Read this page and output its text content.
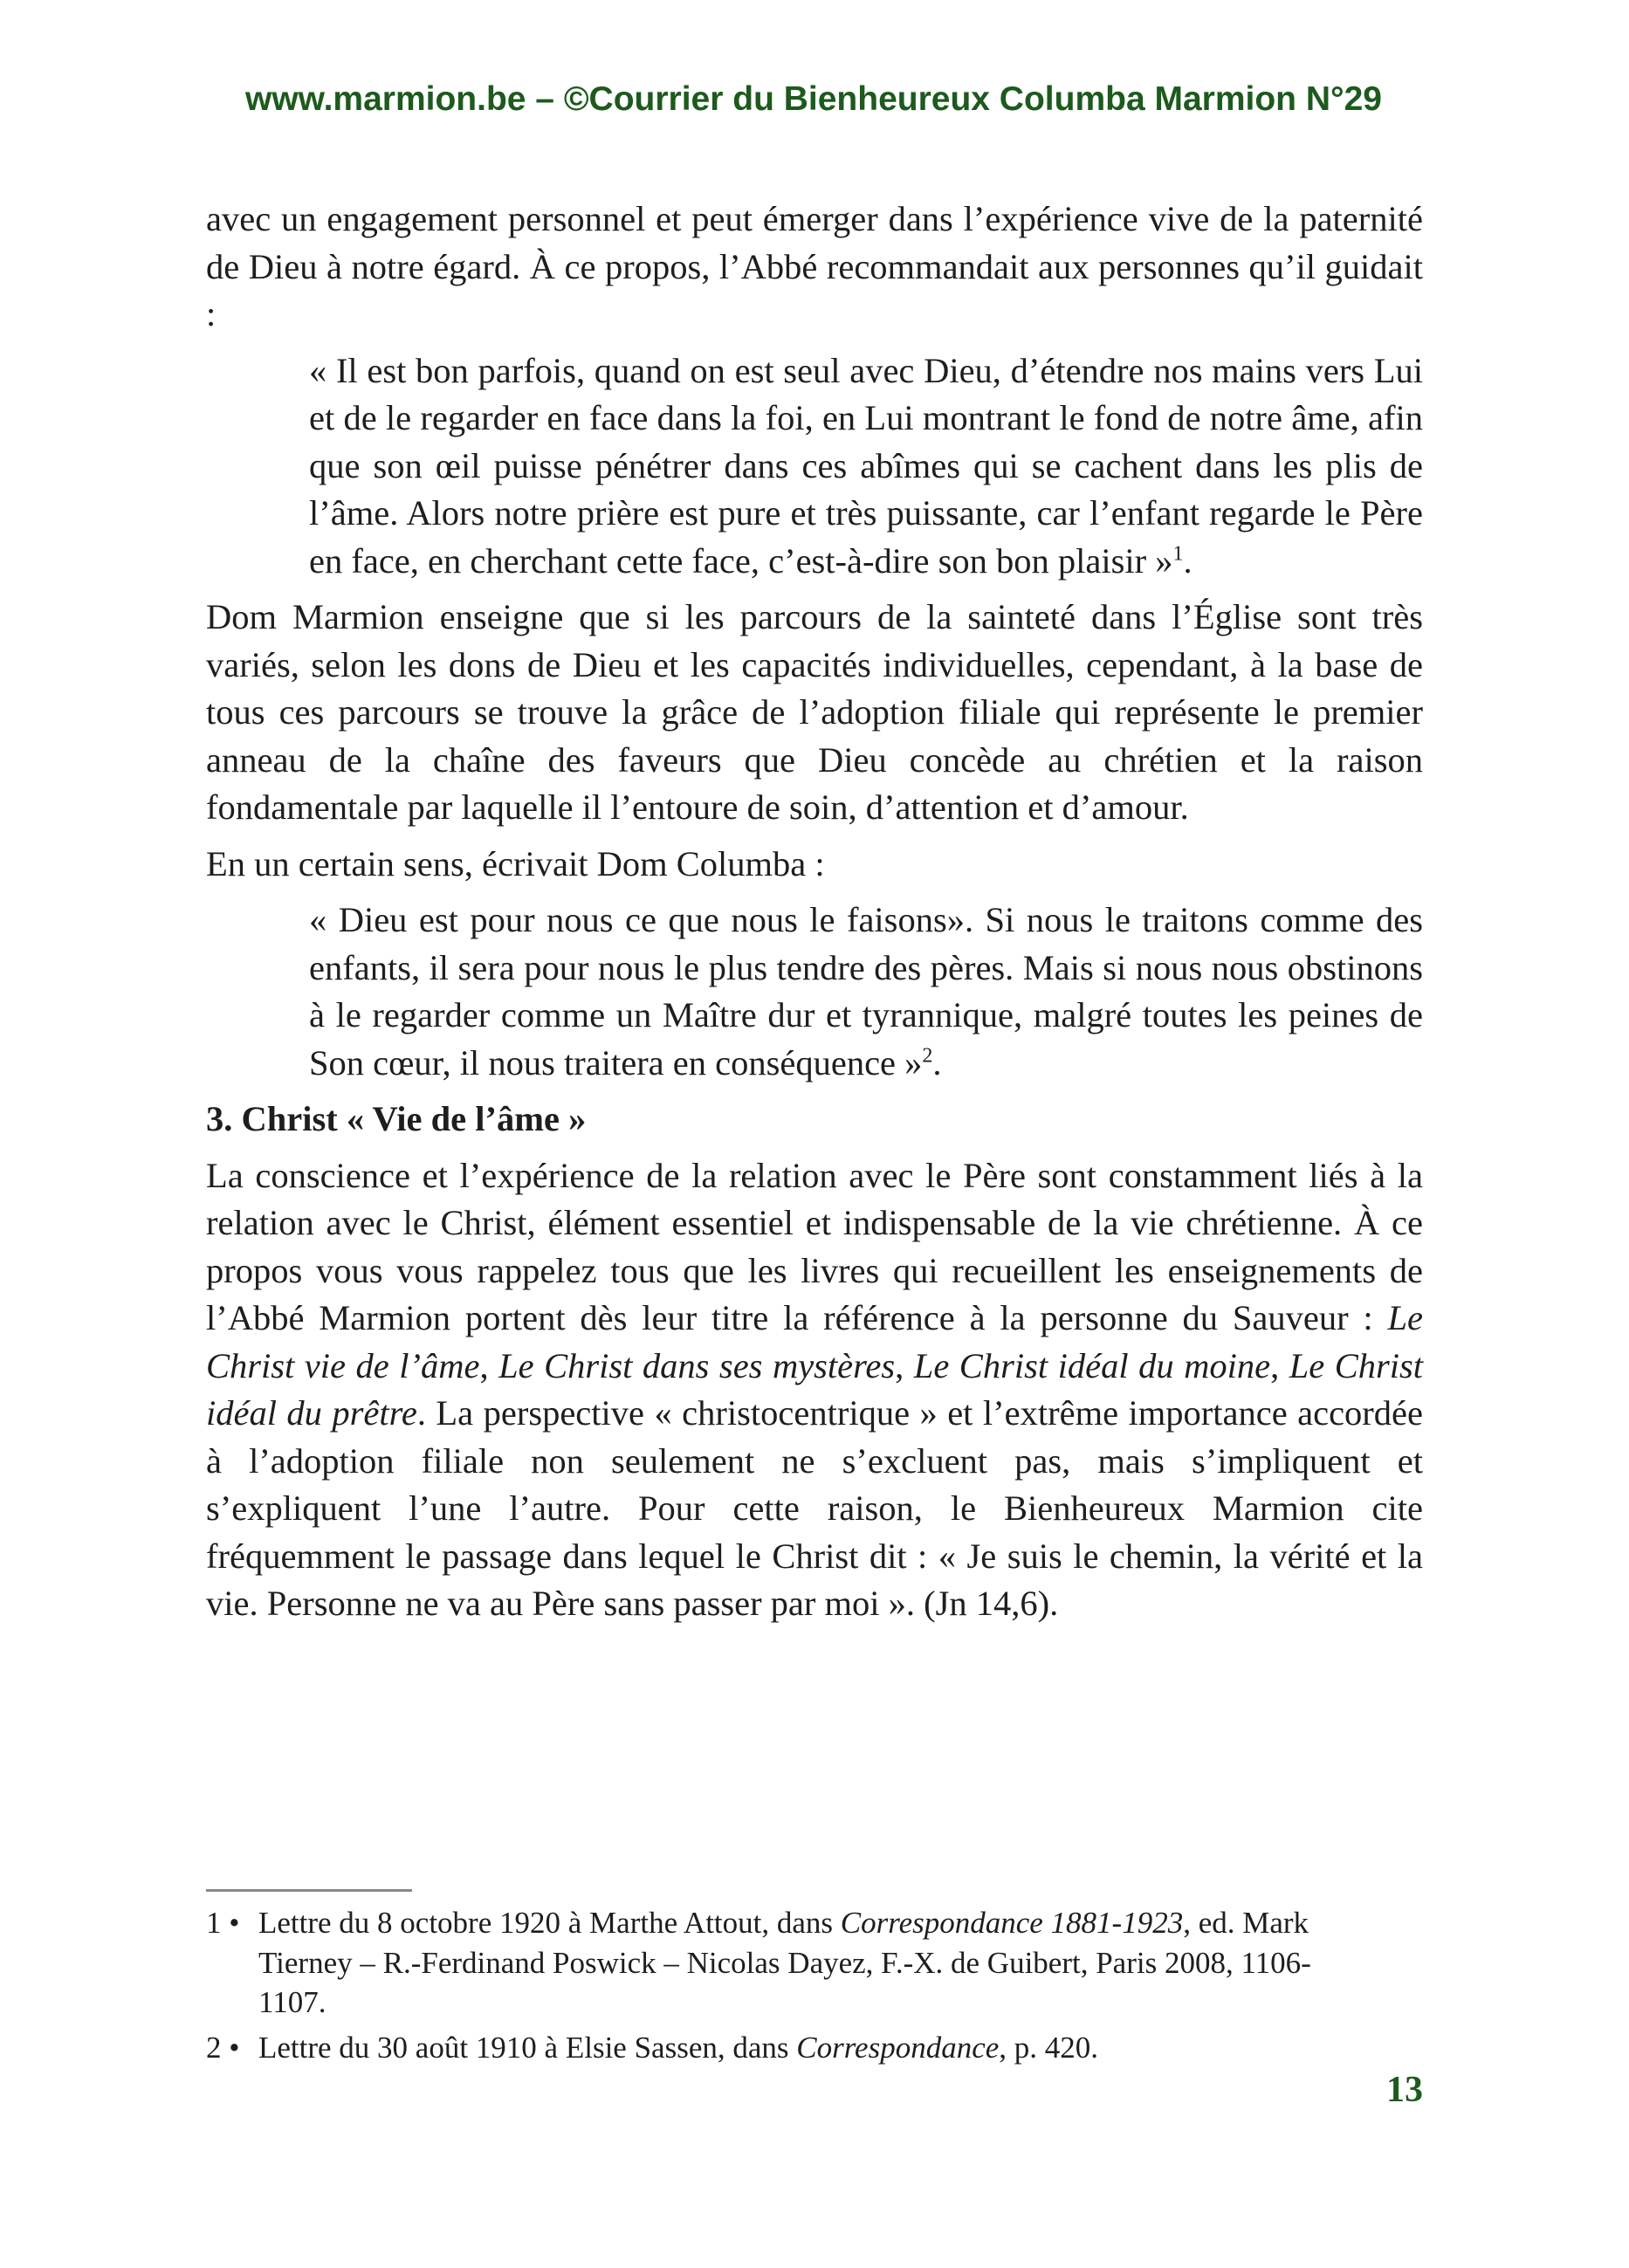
www.marmion.be – ©Courrier du Bienheureux Columba Marmion N°29

avec un engagement personnel et peut émerger dans l’expérience vive de la paternité de Dieu à notre égard. À ce propos, l’Abbé recommandait aux personnes qu’il guidait :

« Il est bon parfois, quand on est seul avec Dieu, d’étendre nos mains vers Lui et de le regarder en face dans la foi, en Lui montrant le fond de notre âme, afin que son œil puisse pénétrer dans ces abîmes qui se cachent dans les plis de l’âme. Alors notre prière est pure et très puissante, car l’enfant regarde le Père en face, en cherchant cette face, c’est-à-dire son bon plaisir »$^1$.

Dom Marmion enseigne que si les parcours de la sainteté dans l’Église sont très variés, selon les dons de Dieu et les capacités individuelles, cependant, à la base de tous ces parcours se trouve la grâce de l’adoption filiale qui représente le premier anneau de la chaîne des faveurs que Dieu concède au chrétien et la raison fondamentale par laquelle il l’entoure de soin, d’attention et d’amour.

En un certain sens, écrivait Dom Columba :

« Dieu est pour nous ce que nous le faisons». Si nous le traitons comme des enfants, il sera pour nous le plus tendre des pères. Mais si nous nous obstinons à le regarder comme un Maître dur et tyrannique, malgré toutes les peines de Son cœur, il nous traitera en conséquence »$^2$.

3. Christ « Vie de l’âme »

La conscience et l’expérience de la relation avec le Père sont constamment liés à la relation avec le Christ, élément essentiel et indispensable de la vie chrétienne. À ce propos vous vous rappelez tous que les livres qui recueillent les enseignements de l’Abbé Marmion portent dès leur titre la référence à la personne du Sauveur : Le Christ vie de l’âme, Le Christ dans ses mystères, Le Christ idéal du moine, Le Christ idéal du prêtre. La perspective « christocentrique » et l’extrême importance accordée à l’adoption filiale non seulement ne s’excluent pas, mais s’impliquent et s’expliquent l’une l’autre. Pour cette raison, le Bienheureux Marmion cite fréquemment le passage dans lequel le Christ dit : « Je suis le chemin, la vérité et la vie. Personne ne va au Père sans passer par moi ». (Jn 14,6).

1 • Lettre du 8 octobre 1920 à Marthe Attout, dans Correspondance 1881-1923, ed. Mark Tierney – R.-Ferdinand Poswick – Nicolas Dayez, F.-X. de Guibert, Paris 2008, 1106-1107.
2 • Lettre du 30 août 1910 à Elsie Sassen, dans Correspondance, p. 420.
13
